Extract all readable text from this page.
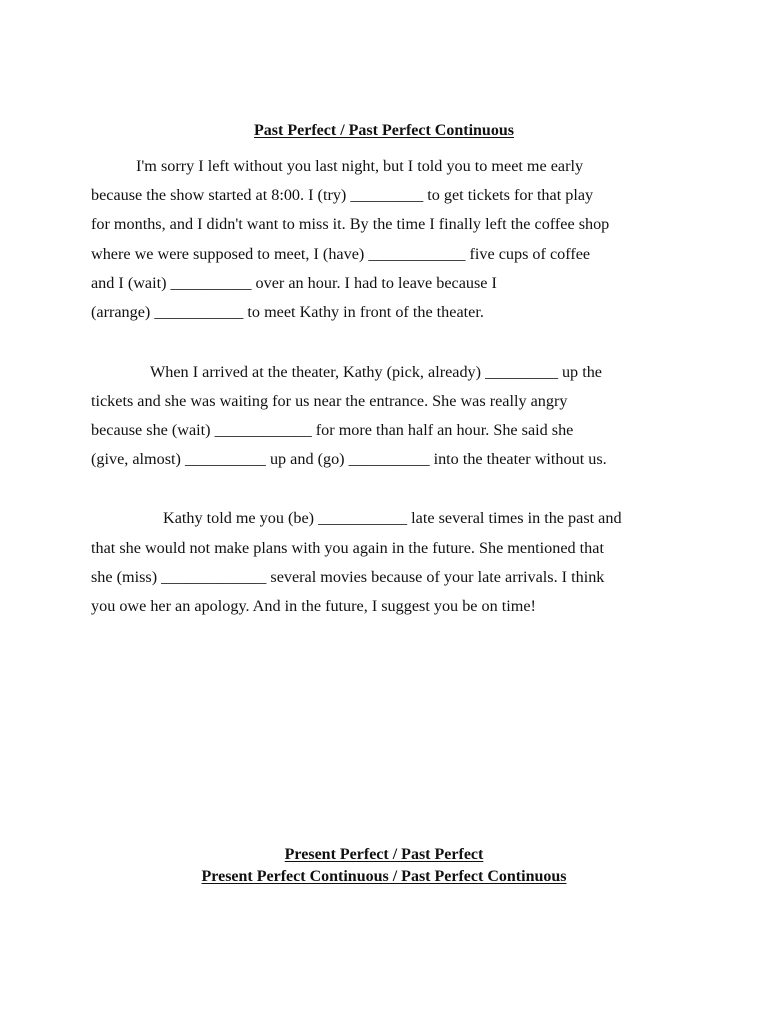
Past Perfect / Past Perfect Continuous
I'm sorry I left without you last night, but I told you to meet me early
because the show started at 8:00. I (try) _________ to get tickets for that play
for months, and I didn't want to miss it. By the time I finally left the coffee shop
where we were supposed to meet, I (have) ____________ five cups of coffee
and I (wait) __________ over an hour. I had to leave because I
(arrange) ___________ to meet Kathy in front of the theater.
When I arrived at the theater, Kathy (pick, already) _________ up the
tickets and she was waiting for us near the entrance. She was really angry
because she (wait) ____________ for more than half an hour. She said she
(give, almost) __________ up and (go) __________ into the theater without us.
Kathy told me you (be) ___________ late several times in the past and
that she would not make plans with you again in the future. She mentioned that
she (miss) _____________ several movies because of your late arrivals. I think
you owe her an apology. And in the future, I suggest you be on time!
Present Perfect / Past Perfect
Present Perfect Continuous / Past Perfect Continuous
